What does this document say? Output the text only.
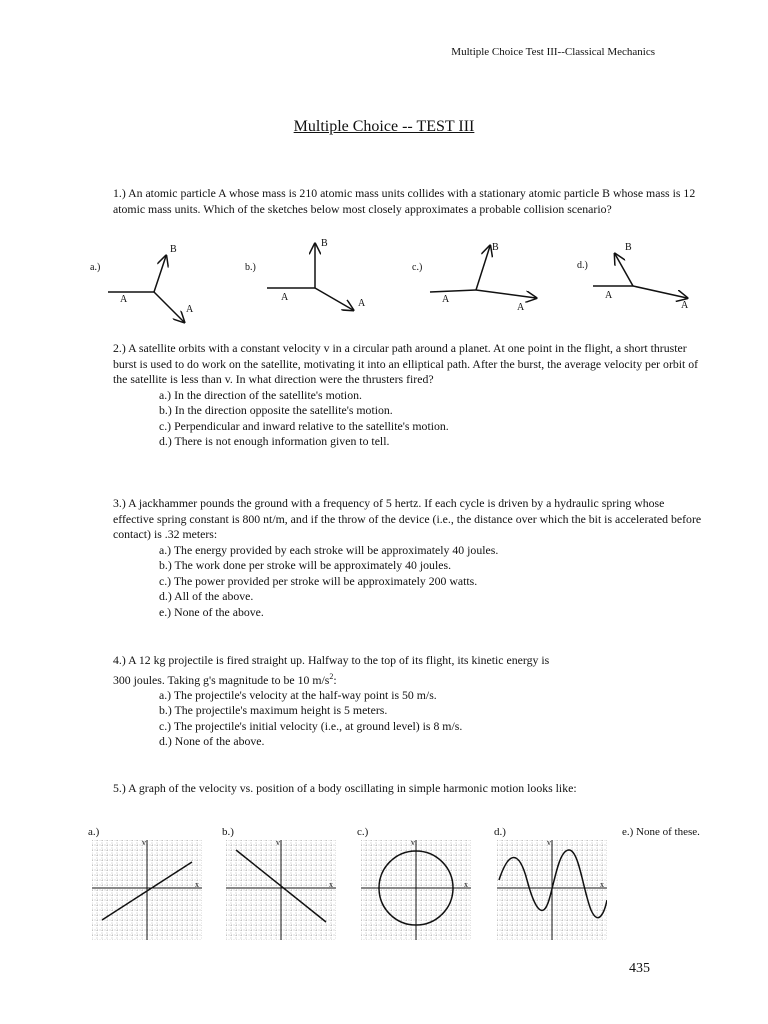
Multiple Choice Test III--Classical Mechanics
Multiple Choice -- TEST III

1.) An atomic particle A whose mass is 210 atomic mass units collides with a stationary atomic particle B whose mass is 12 atomic mass units. Which of the sketches below most closely approximates a probable collision scenario?

a.)
A
A
B
b.)
A
A
B
c.)
A
A
B
d.)
A
A
B

2.) A satellite orbits with a constant velocity v in a circular path around a planet. At one point in the flight, a short thruster burst is used to do work on the satellite, motivating it into an elliptical path. After the burst, the average velocity per orbit of the satellite is less than v. In what direction were the thrusters fired?

a.) In the direction of the satellite's motion.

b.) In the direction opposite the satellite's motion.

c.) Perpendicular and inward relative to the satellite's motion.

d.) There is not enough information given to tell.

3.) A jackhammer pounds the ground with a frequency of 5 hertz. If each cycle is driven by a hydraulic spring whose effective spring constant is 800 nt/m, and if the throw of the device (i.e., the distance over which the bit is accelerated before contact) is .32 meters:

a.) The energy provided by each stroke will be approximately 40 joules.

b.) The work done per stroke will be approximately 40 joules.

c.) The power provided per stroke will be approximately 200 watts.

d.) All of the above.

e.) None of the above.

4.) A 12 kg projectile is fired straight up. Halfway to the top of its flight, its kinetic energy is

300 joules. Taking g's magnitude to be 10 $m/s^2$:

a.) The projectile's velocity at the half-way point is 50 m/s.

b.) The projectile's maximum height is 5 meters.

c.) The projectile's initial velocity (i.e., at ground level) is 8 m/s.

d.) None of the above.

5.) A graph of the velocity vs. position of a body oscillating in simple harmonic motion looks like:

a.)	b.)	c.)	d.)	e.) None of these.
v
x
v
x
v
x
v
x
435
